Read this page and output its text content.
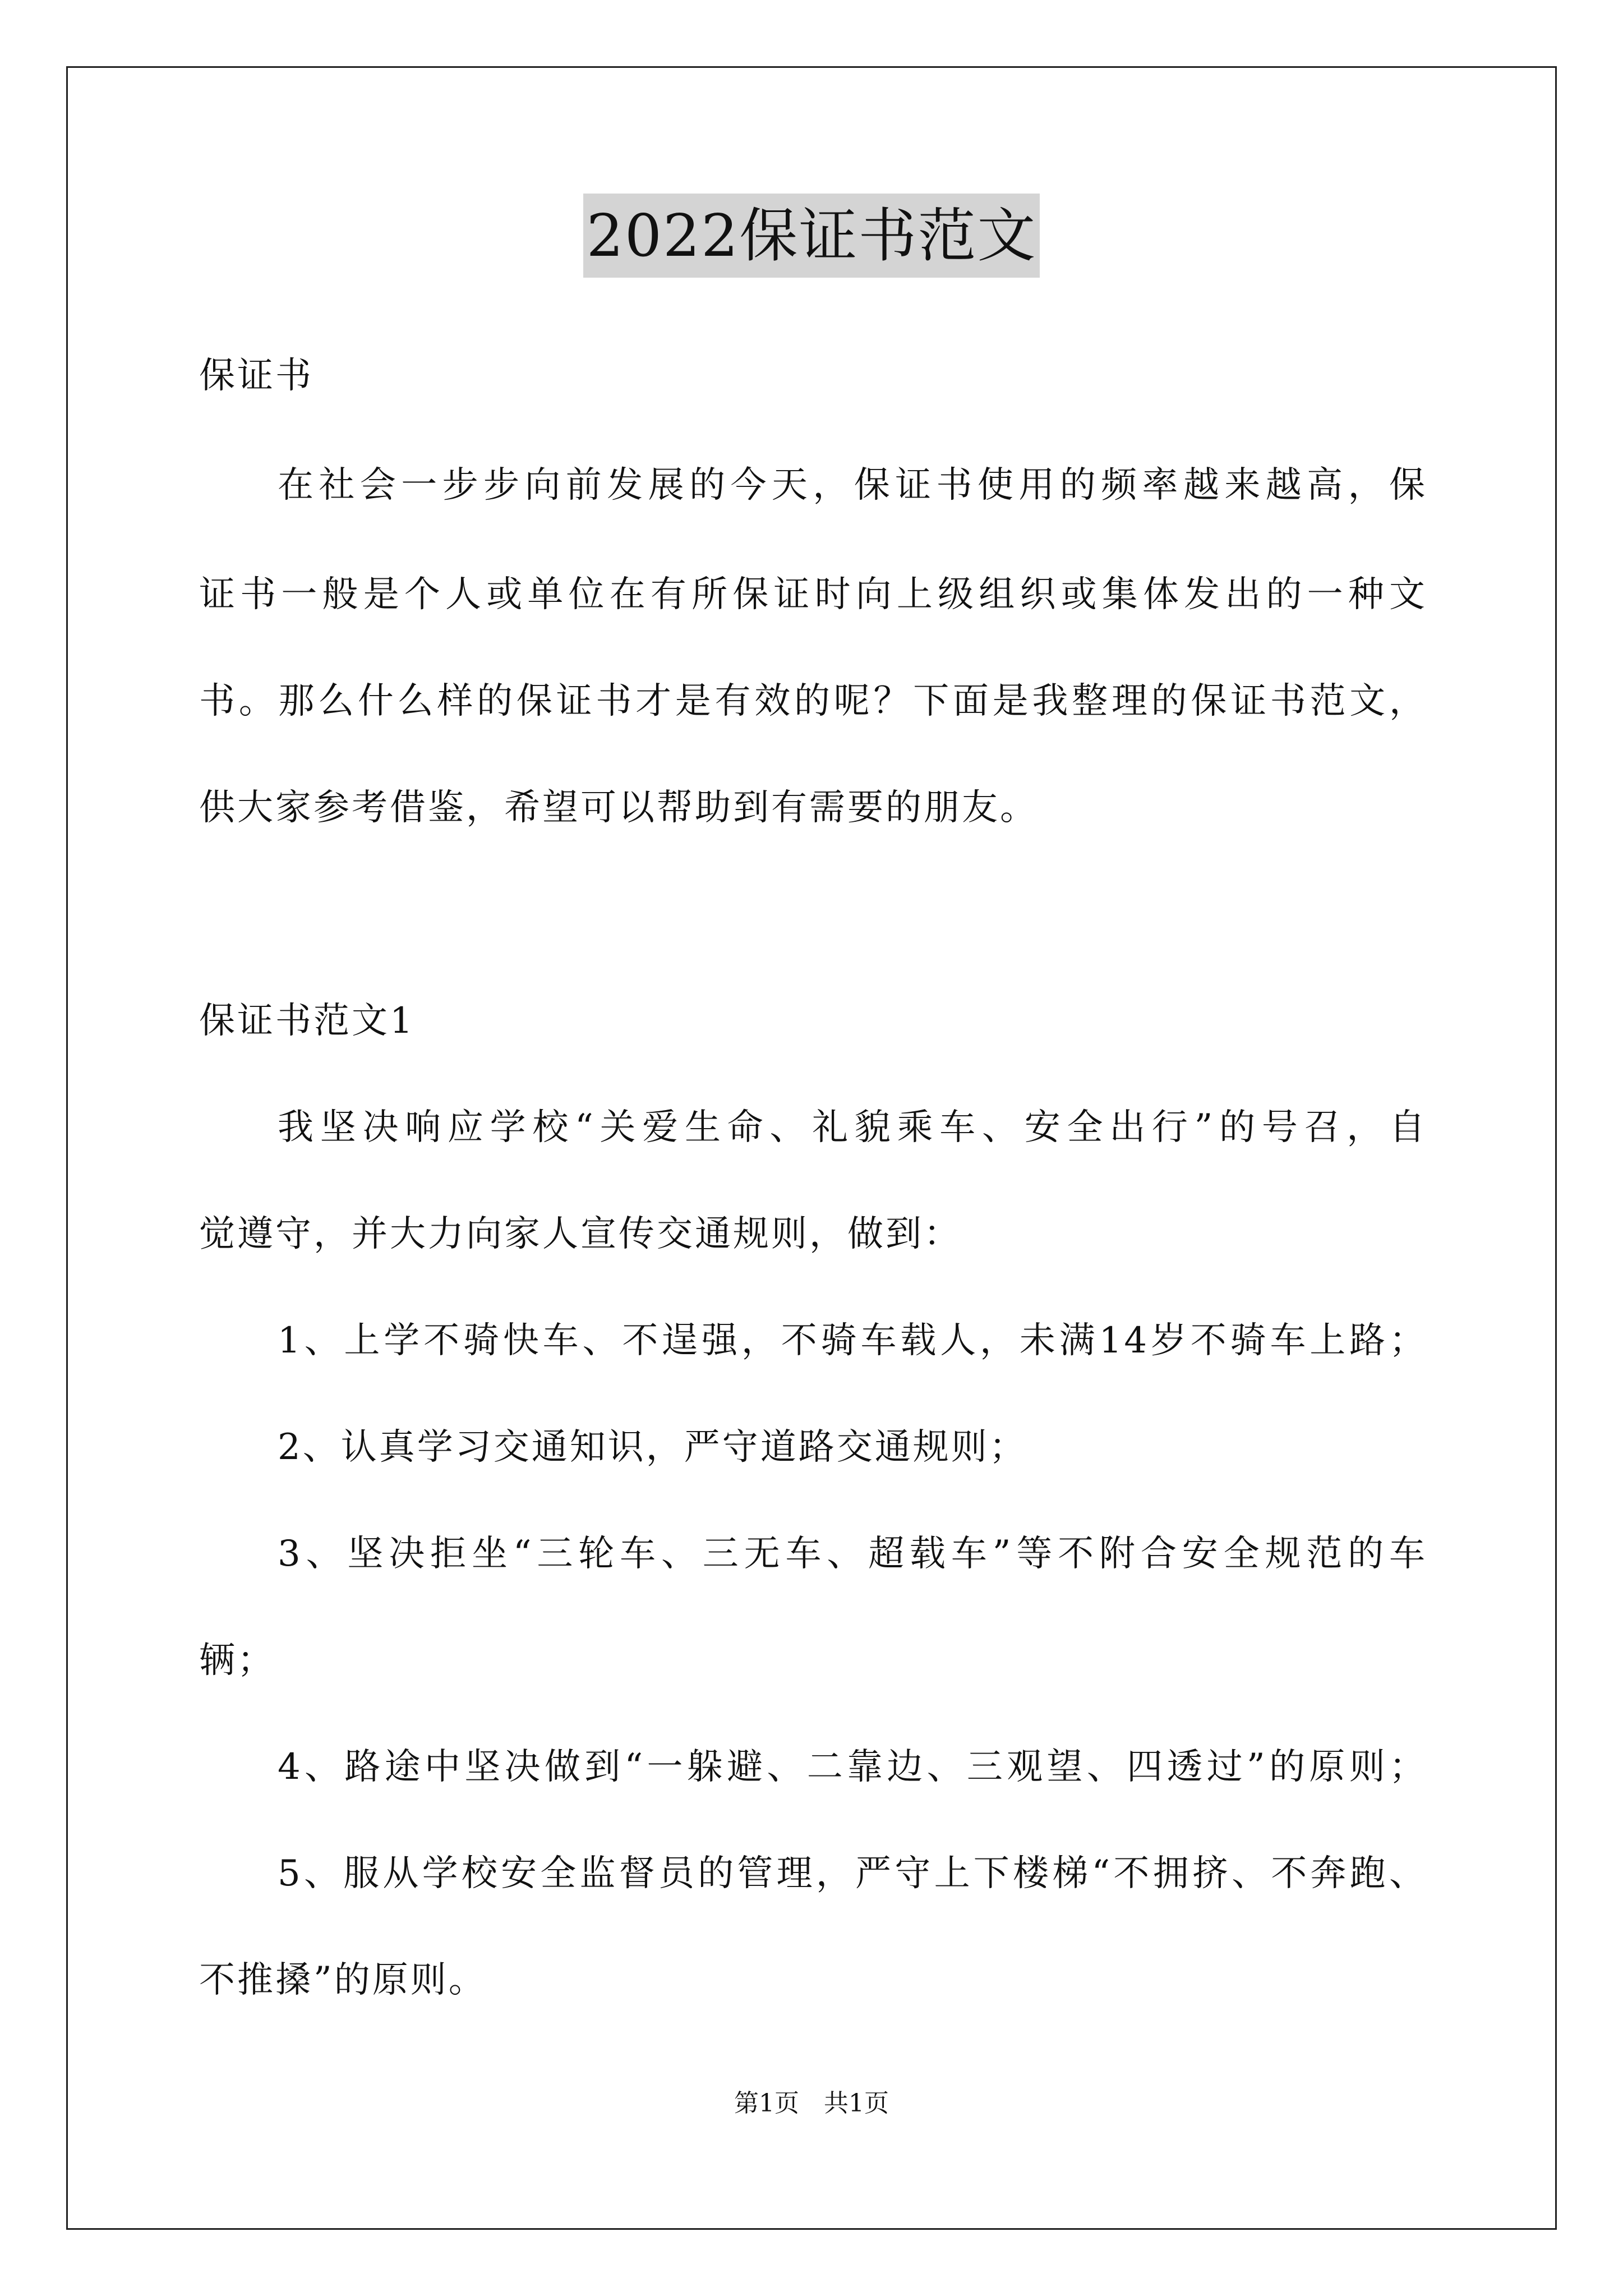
2022保证书范文
保证书
在社会一步步向前发展的今天，保证书使用的频率越来越高，保
证书一般是个人或单位在有所保证时向上级组织或集体发出的一种文
书。那么什么样的保证书才是有效的呢？下面是我整理的保证书范文，
供大家参考借鉴，希望可以帮助到有需要的朋友。
保证书范文1
我坚决响应学校“关爱生命、礼貌乘车、安全出行”的号召，自
觉遵守，并大力向家人宣传交通规则，做到：
1、上学不骑快车、不逞强，不骑车载人，未满14岁不骑车上路；
2、认真学习交通知识，严守道路交通规则；
3、坚决拒坐“三轮车、三无车、超载车”等不附合安全规范的车
辆；
4、路途中坚决做到“一躲避、二靠边、三观望、四透过”的原则；
5、服从学校安全监督员的管理，严守上下楼梯“不拥挤、不奔跑、
不推搡”的原则。
第1页 共1页
